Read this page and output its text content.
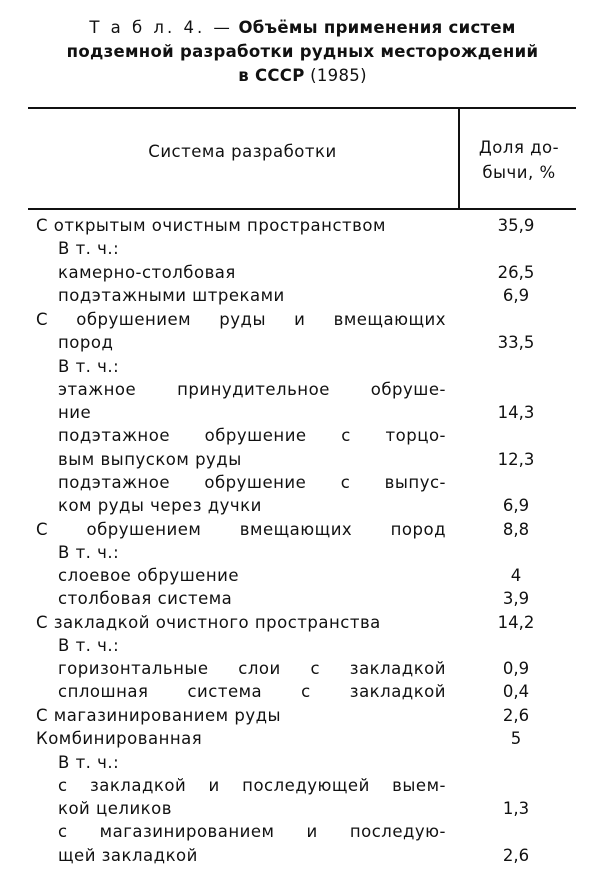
Т а б л. 4. — Объёмы применения систем
подземной разработки рудных месторождений
в СССР (1985)
Система разработки	Доля до-
бычи, %
С открытым очистным пространством	35,9
В т. ч.:
камерно-столбовая	26,5
подэтажными штреками	6,9
С обрушением руды и вмещающих
пород	33,5
В т. ч.:
этажное принудительное обруше-
ние	14,3
подэтажное обрушение с торцо-
вым выпуском руды	12,3
подэтажное обрушение с выпус-
ком руды через дучки	6,9
С обрушением вмещающих пород	8,8
В т. ч.:
слоевое обрушение	4
столбовая система	3,9
С закладкой очистного пространства	14,2
В т. ч.:
горизонтальные слои с закладкой	0,9
сплошная система с закладкой	0,4
С магазинированием руды	2,6
Комбинированная	5
В т. ч.:
с закладкой и последующей выем-
кой целиков	1,3
с магазинированием и последую-
щей закладкой	2,6
